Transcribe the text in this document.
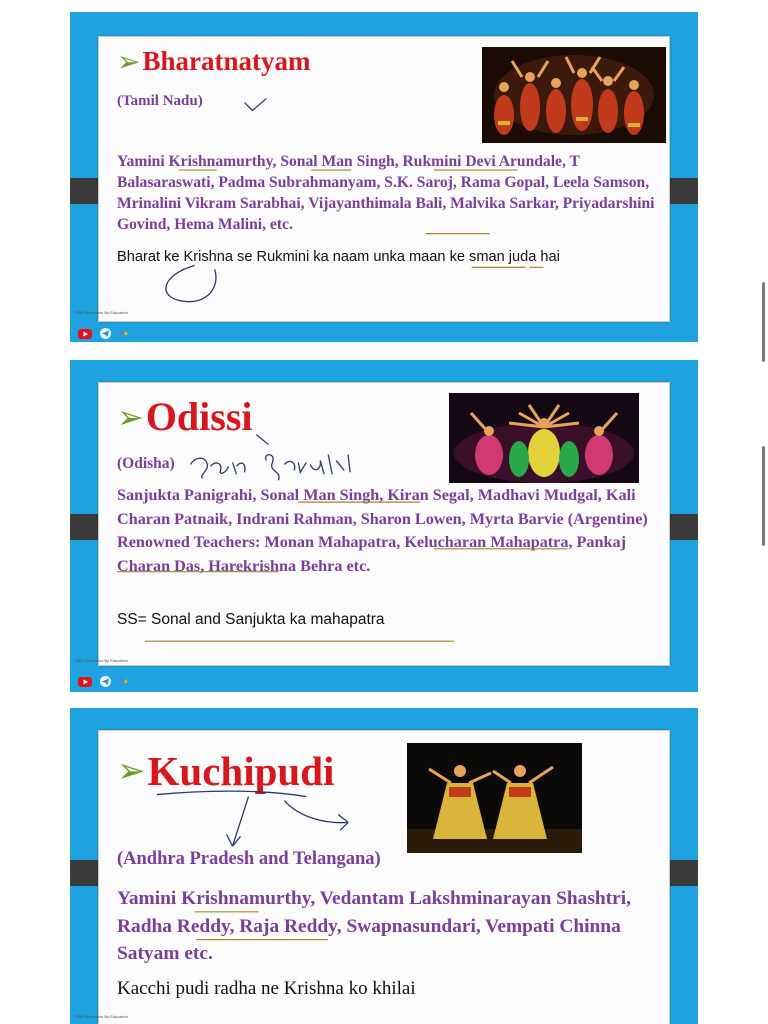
➢ Bharatnatyam
(Tamil Nadu)
Yamini Krishnamurthy, Sonal Man Singh, Rukmini Devi Arundale, T Balasaraswati, Padma Subrahmanyam, S.K. Saroj, Rama Gopal, Leela Samson, Mrinalini Vikram Sarabhai, Vijayanthimala Bali, Malvika Sarkar, Priyadarshini Govind, Hema Malini, etc.
Bharat ke Krishna se Rukmini ka naam unka maan ke sman juda hai
RBE Revolution By Education
➢ Odissi
(Odisha)
Sanjukta Panigrahi, Sonal Man Singh, Kiran Segal, Madhavi Mudgal, Kali Charan Patnaik, Indrani Rahman, Sharon Lowen, Myrta Barvie (Argentine) Renowned Teachers: Monan Mahapatra, Kelucharan Mahapatra, Pankaj Charan Das, Harekrishna Behra etc.
SS= Sonal and Sanjukta ka mahapatra
RBE Revolution By Education
➢ Kuchipudi
(Andhra Pradesh and Telangana)
Yamini Krishnamurthy, Vedantam Lakshminarayan Shashtri, Radha Reddy, Raja Reddy, Swapnasundari, Vempati Chinna Satyam etc.
Kacchi pudi radha ne Krishna ko khilai
RBE Revolution By Education
